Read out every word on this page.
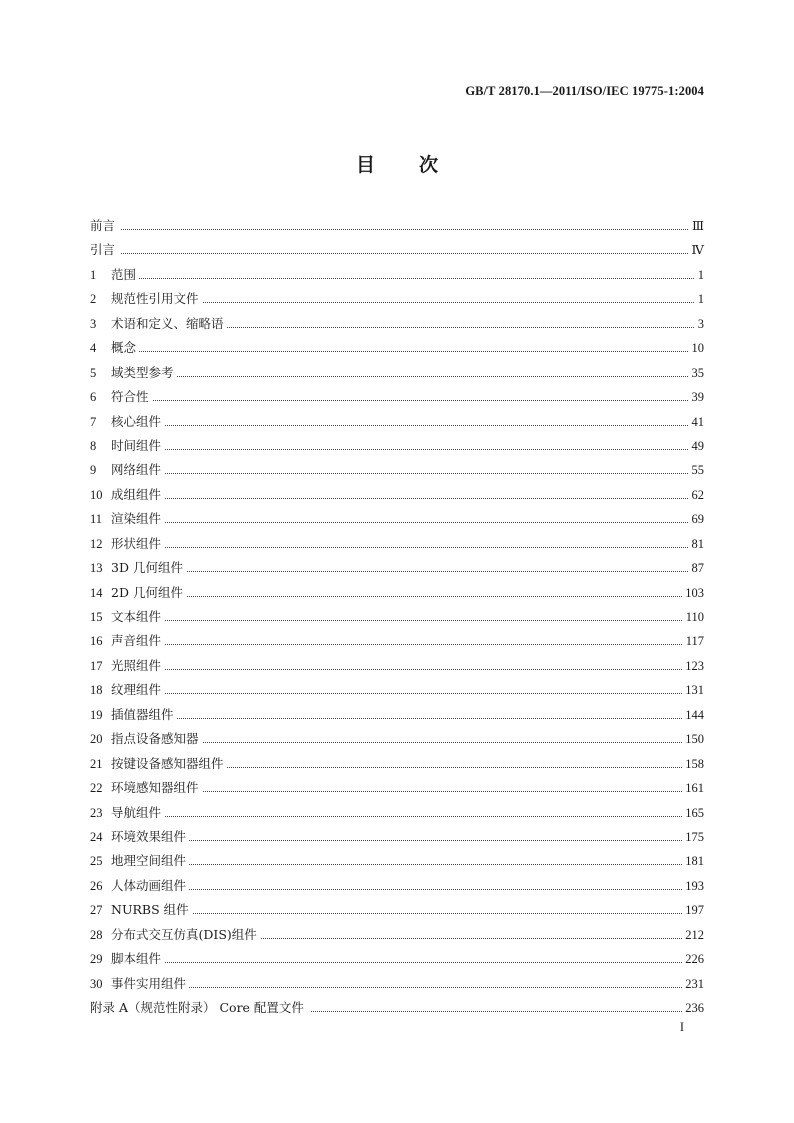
GB/T 28170.1—2011/ISO/IEC 19775-1:2004
目 次
前言	Ⅲ
引言	Ⅳ
1 范围	1
2 规范性引用文件	1
3 术语和定义、缩略语	3
4 概念	10
5 域类型参考	35
6 符合性	39
7 核心组件	41
8 时间组件	49
9 网络组件	55
10 成组组件	62
11 渲染组件	69
12 形状组件	81
13 3D 几何组件	87
14 2D 几何组件	103
15 文本组件	110
16 声音组件	117
17 光照组件	123
18 纹理组件	131
19 插值器组件	144
20 指点设备感知器	150
21 按键设备感知器组件	158
22 环境感知器组件	161
23 导航组件	165
24 环境效果组件	175
25 地理空间组件	181
26 人体动画组件	193
27 NURBS 组件	197
28 分布式交互仿真(DIS)组件	212
29 脚本组件	226
30 事件实用组件	231
附录 A（规范性附录） Core 配置文件	236
I
